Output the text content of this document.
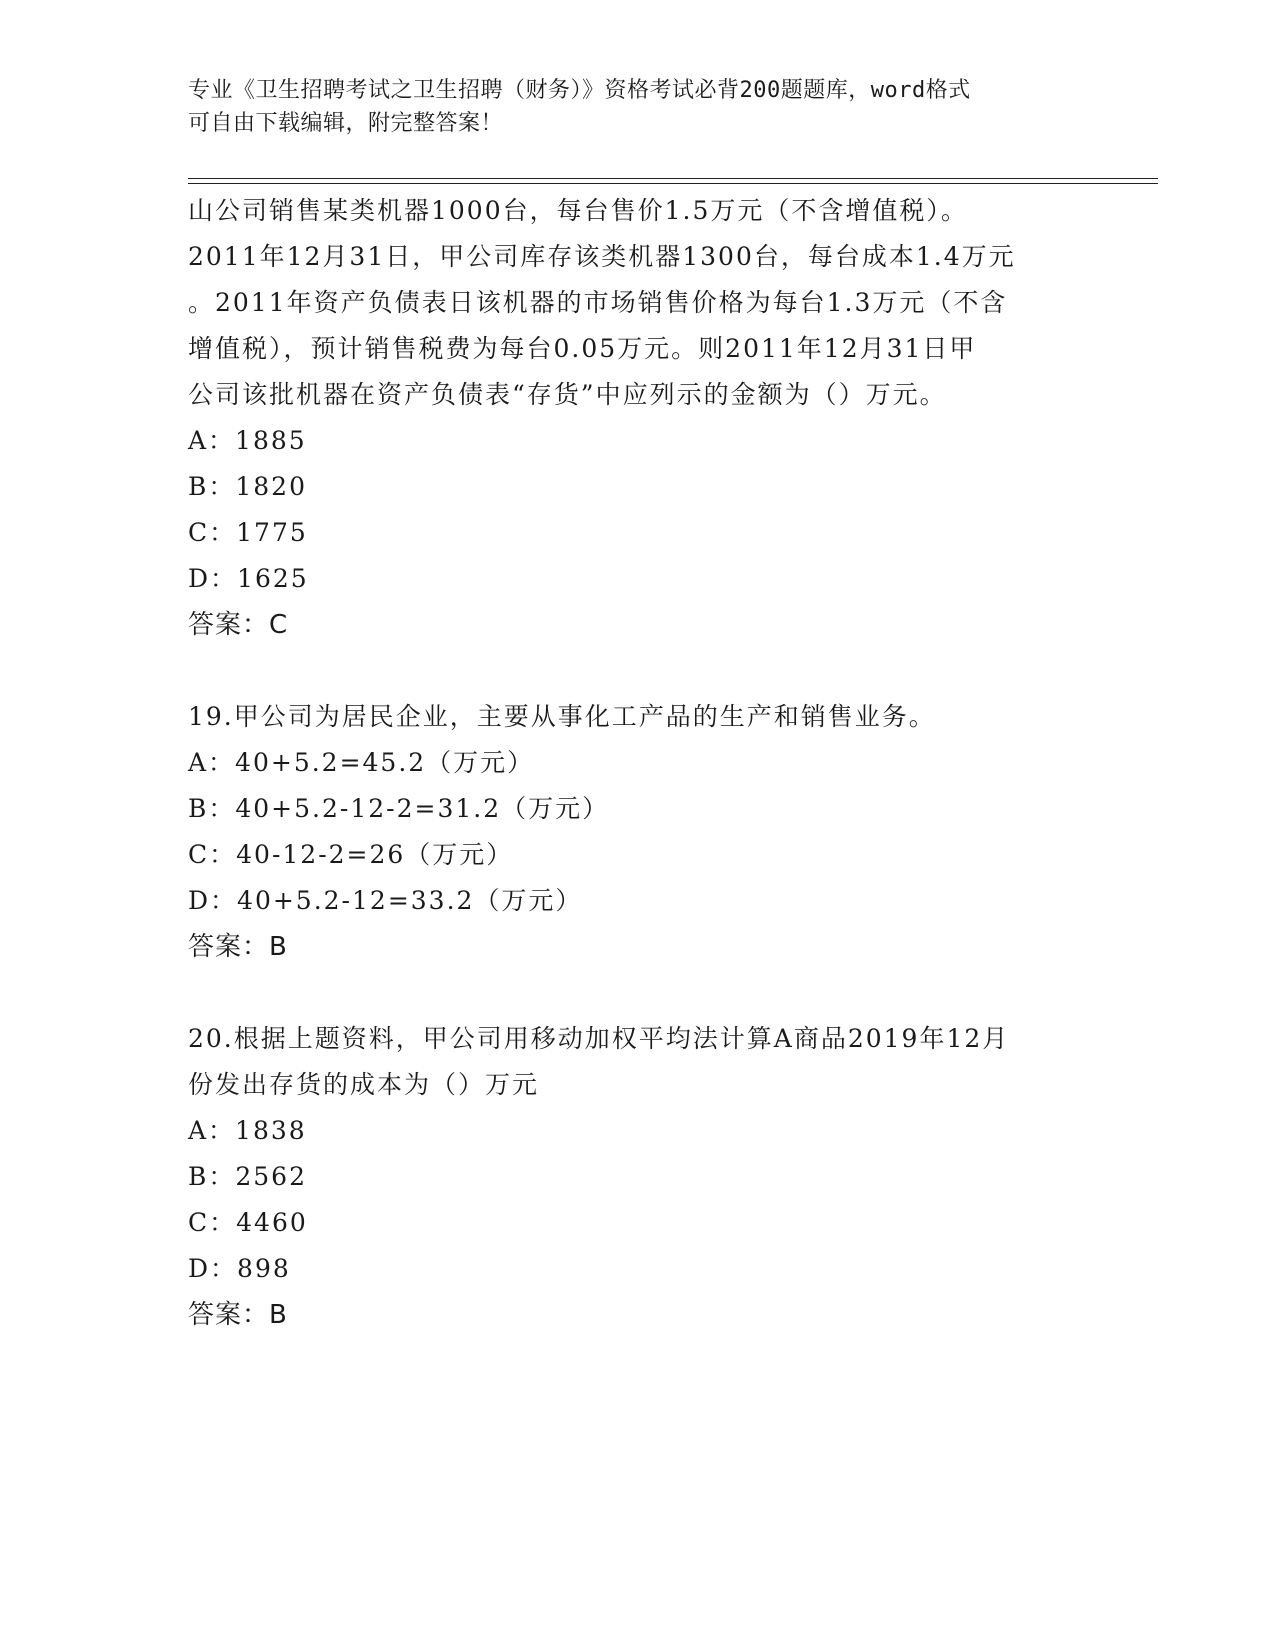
专业《卫生招聘考试之卫生招聘（财务）》资格考试必背200题题库，word格式
可自由下载编辑，附完整答案！
山公司销售某类机器1000台，每台售价1.5万元（不含增值税）。
2011年12月31日，甲公司库存该类机器1300台，每台成本1.4万元
。2011年资产负债表日该机器的市场销售价格为每台1.3万元（不含
增值税），预计销售税费为每台0.05万元。则2011年12月31日甲
公司该批机器在资产负债表“存货”中应列示的金额为（）万元。
A：1885
B：1820
C：1775
D：1625
答案：C
19.甲公司为居民企业，主要从事化工产品的生产和销售业务。
A：40+5.2=45.2（万元）
B：40+5.2-12-2=31.2（万元）
C：40-12-2=26（万元）
D：40+5.2-12=33.2（万元）
答案：B
20.根据上题资料，甲公司用移动加权平均法计算A商品2019年12月
份发出存货的成本为（）万元
A：1838
B：2562
C：4460
D：898
答案：B
